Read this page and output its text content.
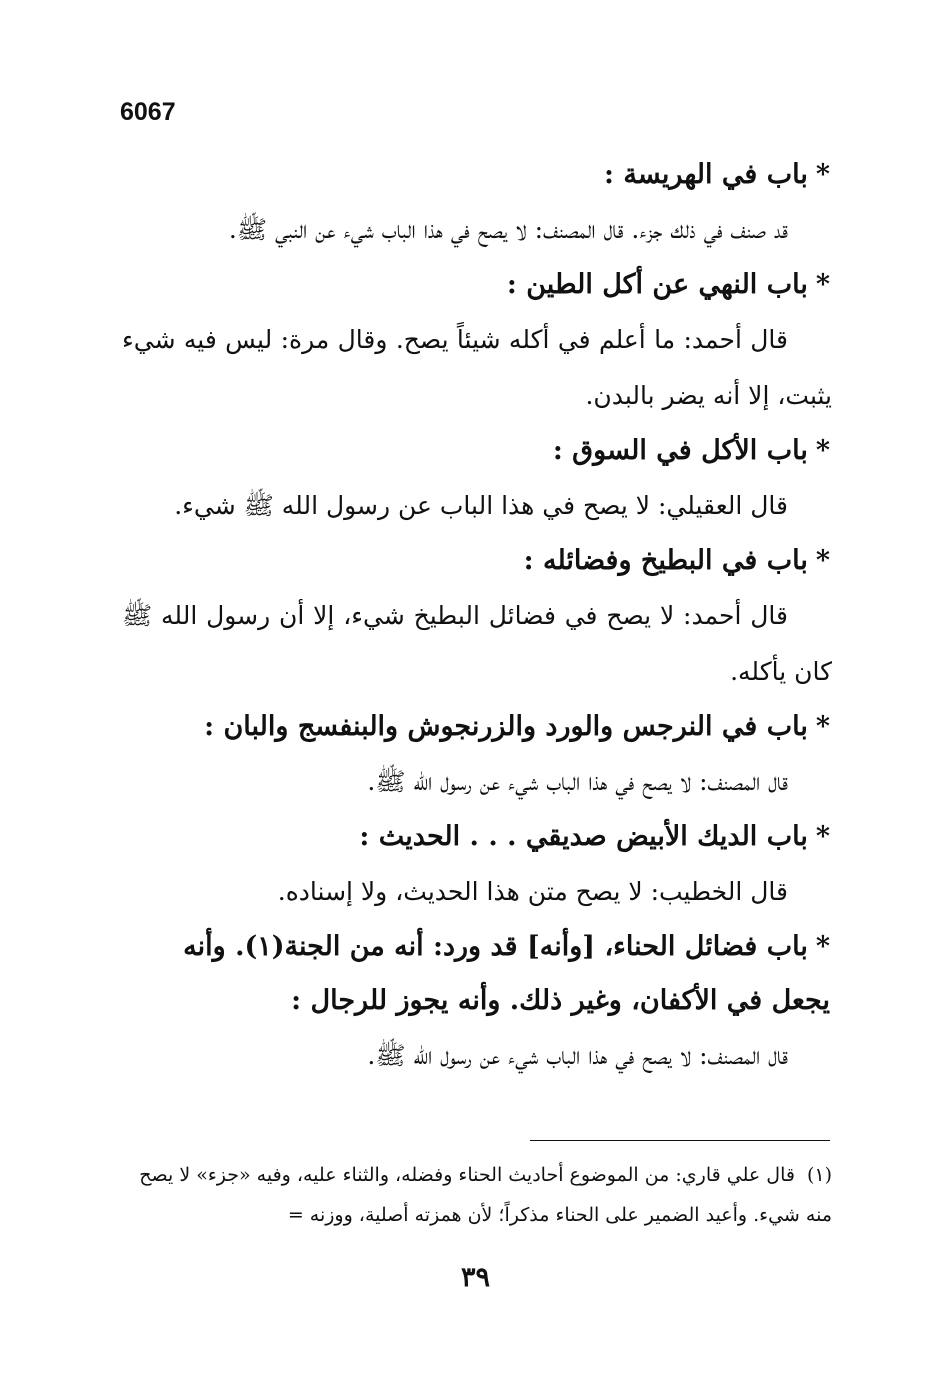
6067
*باب في الهريسة :
قد صنف في ذلك جزء. قال المصنف: لا يصح في هذا الباب شيء عن النبي ﷺ.
*باب النهي عن أكل الطين :
قال أحمد: ما أعلم في أكله شيئاً يصح. وقال مرة: ليس فيه شيء يثبت، إلا أنه يضر بالبدن.
*باب الأكل في السوق :
قال العقيلي: لا يصح في هذا الباب عن رسول الله ﷺ شيء.
*باب في البطيخ وفضائله :
قال أحمد: لا يصح في فضائل البطيخ شيء، إلا أن رسول الله ﷺ كان يأكله.
*باب في النرجس والورد والزرنجوش والبنفسج والبان :
قال المصنف: لا يصح في هذا الباب شيء عن رسول الله ﷺ.
*باب الديك الأبيض صديقي . . . الحديث :
قال الخطيب: لا يصح متن هذا الحديث، ولا إسناده.
*باب فضائل الحناء، [وأنه] قد ورد: أنه من الجنة(١). وأنه يجعل في الأكفان، وغير ذلك. وأنه يجوز للرجال :
قال المصنف: لا يصح في هذا الباب شيء عن رسول الله ﷺ.
(١)قال علي قاري: من الموضوع أحاديث الحناء وفضله، والثناء عليه، وفيه «جزء» لا يصح منه شيء. وأعيد الضمير على الحناء مذكراً؛ لأن همزته أصلية، ووزنه =
٣٩
